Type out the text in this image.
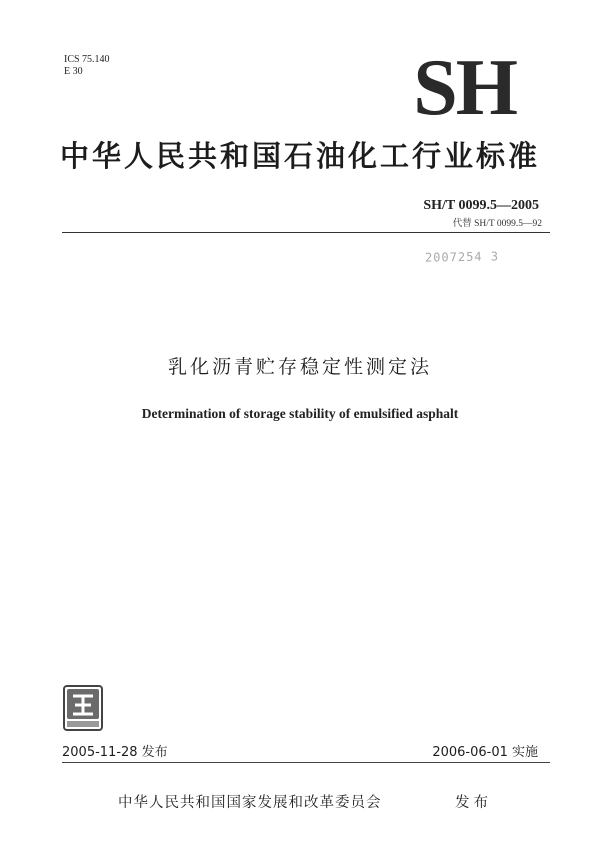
ICS 75.140
E 30	SH
中华人民共和国石油化工行业标准
SH/T 0099.5—2005
代替 SH/T 0099.5—92
2007254 3
乳化沥青贮存稳定性测定法
Determination of storage stability of emulsified asphalt
2005-11-28 发布	2006-06-01 实施
中华人民共和国国家发展和改革委员会	发布
